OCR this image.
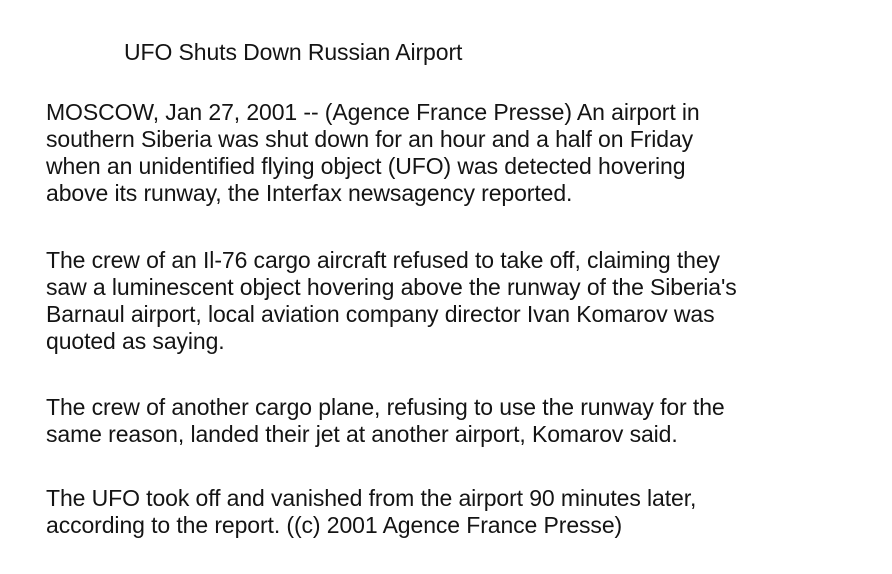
UFO Shuts Down Russian Airport
MOSCOW, Jan 27, 2001 -- (Agence France Presse) An airport in
southern Siberia was shut down for an hour and a half on Friday
when an unidentified flying object (UFO) was detected hovering
above its runway, the Interfax newsagency reported.
The crew of an Il-76 cargo aircraft refused to take off, claiming they
saw a luminescent object hovering above the runway of the Siberia's
Barnaul airport, local aviation company director Ivan Komarov was
quoted as saying.
The crew of another cargo plane, refusing to use the runway for the
same reason, landed their jet at another airport, Komarov said.
The UFO took off and vanished from the airport 90 minutes later,
according to the report. ((c) 2001 Agence France Presse)
